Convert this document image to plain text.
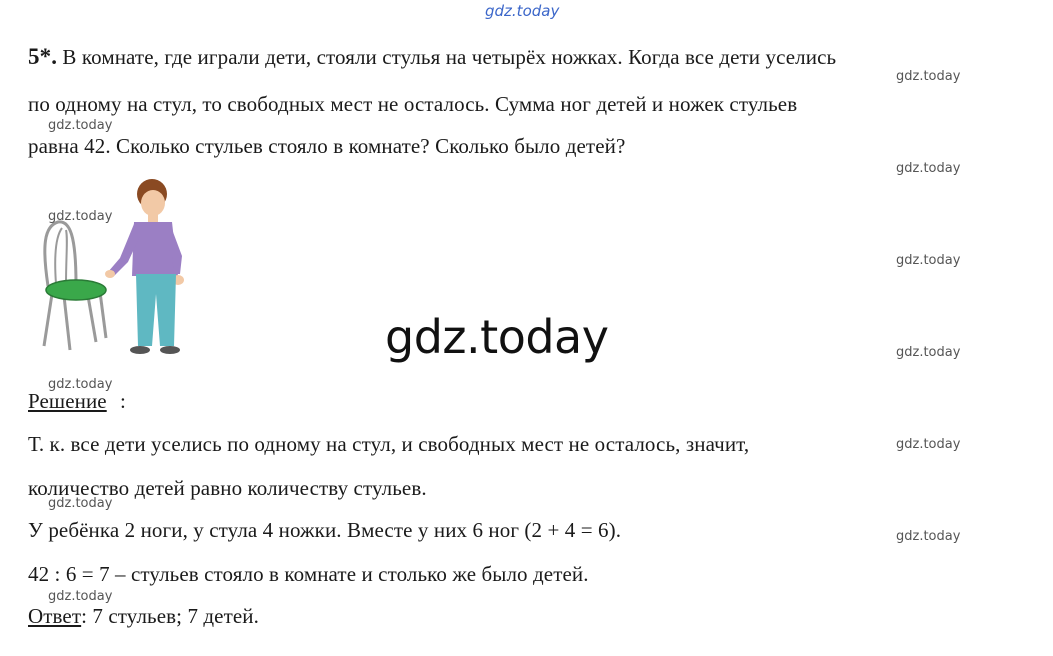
gdz.today
5*. В комнате, где играли дети, стояли стулья на четырёх ножках. Когда все дети уселись
по одному на стул, то свободных мест не осталось. Сумма ног детей и ножек стульев
равна 42. Сколько стульев стояло в комнате? Сколько было детей?
gdz.today
Решение :
Т. к. все дети уселись по одному на стул, и свободных мест не осталось, значит,
количество детей равно количеству стульев.
У ребёнка 2 ноги, у стула 4 ножки. Вместе у них 6 ног (2 + 4 = 6).
42 : 6 = 7 – стульев стояло в комнате и столько же было детей.
Ответ: 7 стульев; 7 детей.
gdz.today
gdz.today
gdz.today
gdz.today
gdz.today
gdz.today
gdz.today
gdz.today
gdz.today
gdz.today
gdz.today
